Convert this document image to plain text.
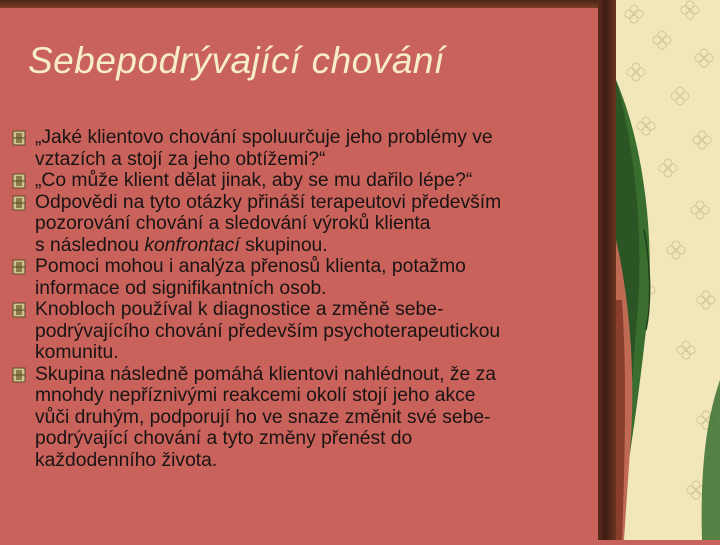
Sebepodrývající chování
„Jaké klientovo chování spoluurčuje jeho problémy ve
vztazích a stojí za jeho obtížemi?“
„Co může klient dělat jinak, aby se mu dařilo lépe?“
Odpovědi na tyto otázky přináší terapeutovi především
pozorování chování a sledování výroků klienta
s následnou konfrontací skupinou.
Pomoci mohou i analýza přenosů klienta, potažmo
informace od signifikantních osob.
Knobloch používal k diagnostice a změně sebe-
podrývajícího chování především psychoterapeutickou
komunitu.
Skupina následně pomáhá klientovi nahlédnout, že za
mnohdy nepříznivými reakcemi okolí stojí jeho akce
vůči druhým, podporují ho ve snaze změnit své sebe-
podrývající chování a tyto změny přenést do
každodenního života.
